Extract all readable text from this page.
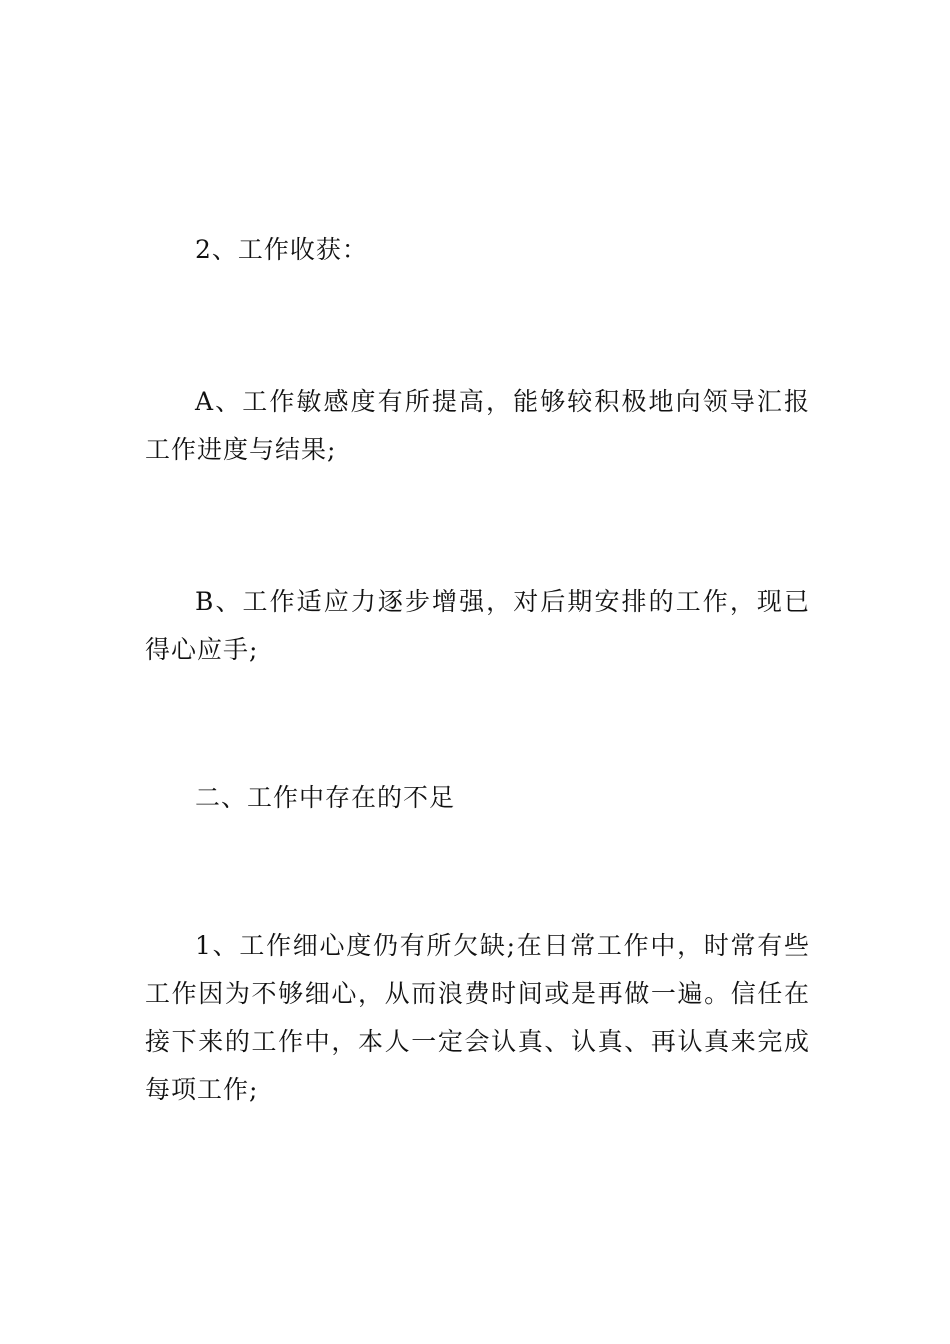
2、工作收获：

A、工作敏感度有所提高，能够较积极地向领导汇报工作进度与结果;

B、工作适应力逐步增强，对后期安排的工作，现已得心应手;

二、工作中存在的不足

1、工作细心度仍有所欠缺;在日常工作中，时常有些工作因为不够细心，从而浪费时间或是再做一遍。信任在接下来的工作中，本人一定会认真、认真、再认真来完成每项工作;
